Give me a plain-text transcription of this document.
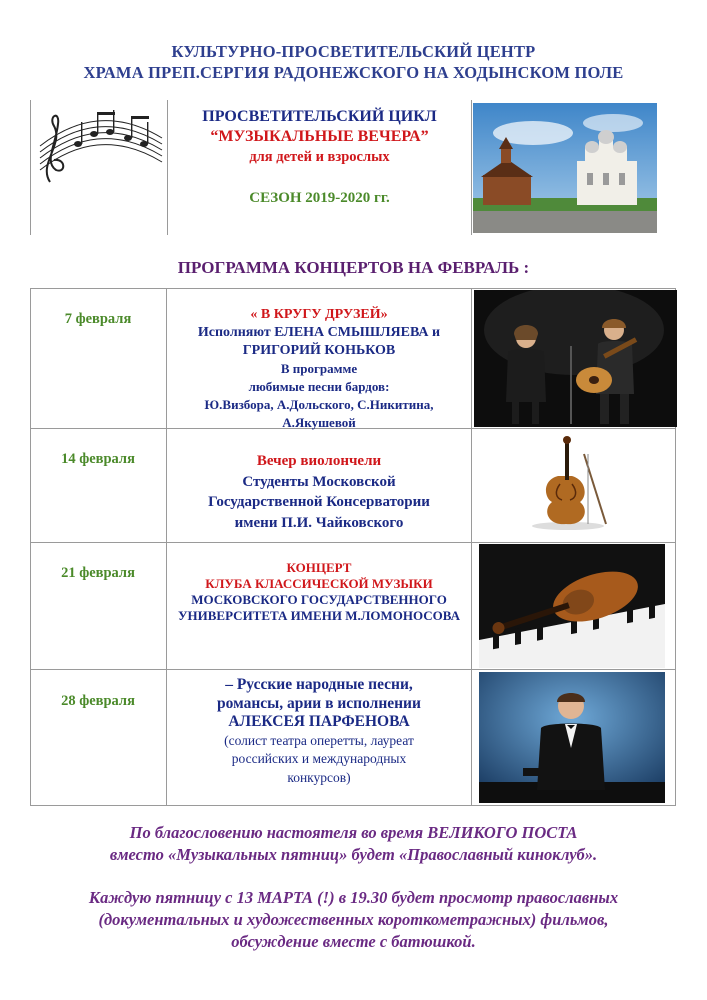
КУЛЬТУРНО-ПРОСВЕТИТЕЛЬСКИЙ ЦЕНТР
ХРАМА ПРЕП.СЕРГИЯ РАДОНЕЖСКОГО НА ХОДЫНСКОМ ПОЛЕ
ПРОСВЕТИТЕЛЬСКИЙ ЦИКЛ
“МУЗЫКАЛЬНЫЕ ВЕЧЕРА”
для детей и взрослых
СЕЗОН 2019-2020 гг.
ПРОГРАММА КОНЦЕРТОВ НА ФЕВРАЛЬ :
7 февраля	« В КРУГУ ДРУЗЕЙ»
Исполняют ЕЛЕНА СМЫШЛЯЕВА и
ГРИГОРИЙ КОНЬКОВ
В программе
любимые песни бардов:
Ю.Визбора, А.Дольского, С.Никитина,
А.Якушевой
14 февраля	Вечер виолончели
Студенты Московской
Государственной Консерватории
имени П.И. Чайковского
21 февраля	КОНЦЕРТ
КЛУБА КЛАССИЧЕСКОЙ МУЗЫКИ
МОСКОВСКОГО ГОСУДАРСТВЕННОГО
УНИВЕРСИТЕТА ИМЕНИ М.ЛОМОНОСОВА
28 февраля
– Русские народные песни,
романсы, арии в исполнении
АЛЕКСЕЯ ПАРФЕНОВА
(солист театра оперетты, лауреат
российских и международных
конкурсов)
По благословению настоятеля во время ВЕЛИКОГО ПОСТА
вместо «Музыкальных пятниц» будет «Православный киноклуб».
Каждую пятницу с 13 МАРТА (!) в 19.30 будет просмотр православных
(документальных и художественных короткометражных) фильмов,
обсуждение вместе с батюшкой.
